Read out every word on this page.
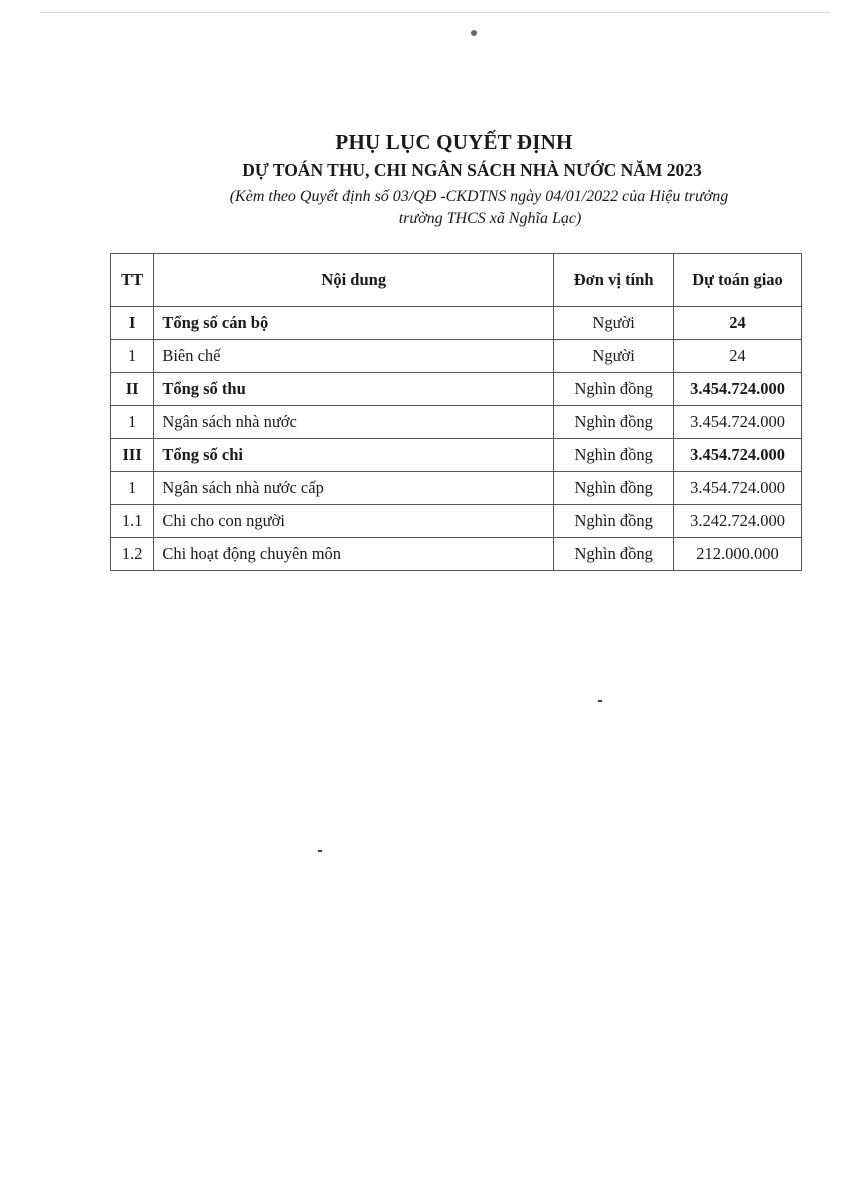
PHỤ LỤC QUYẾT ĐỊNH
DỰ TOÁN THU, CHI NGÂN SÁCH NHÀ NƯỚC NĂM 2023
(Kèm theo Quyết định số 03/QĐ -CKDTNS ngày 04/01/2022 của Hiệu trưởng
trường THCS xã Nghĩa Lạc)
TT	Nội dung	Đơn vị tính	Dự toán giao
I	Tổng số cán bộ	Người	24
1	Biên chế	Người	24
II	Tổng số thu	Nghìn đồng	3.454.724.000
1	Ngân sách nhà nước	Nghìn đồng	3.454.724.000
III	Tổng số chi	Nghìn đồng	3.454.724.000
1	Ngân sách nhà nước cấp	Nghìn đồng	3.454.724.000
1.1	Chi cho con người	Nghìn đồng	3.242.724.000
1.2	Chi hoạt động chuyên môn	Nghìn đồng	212.000.000
